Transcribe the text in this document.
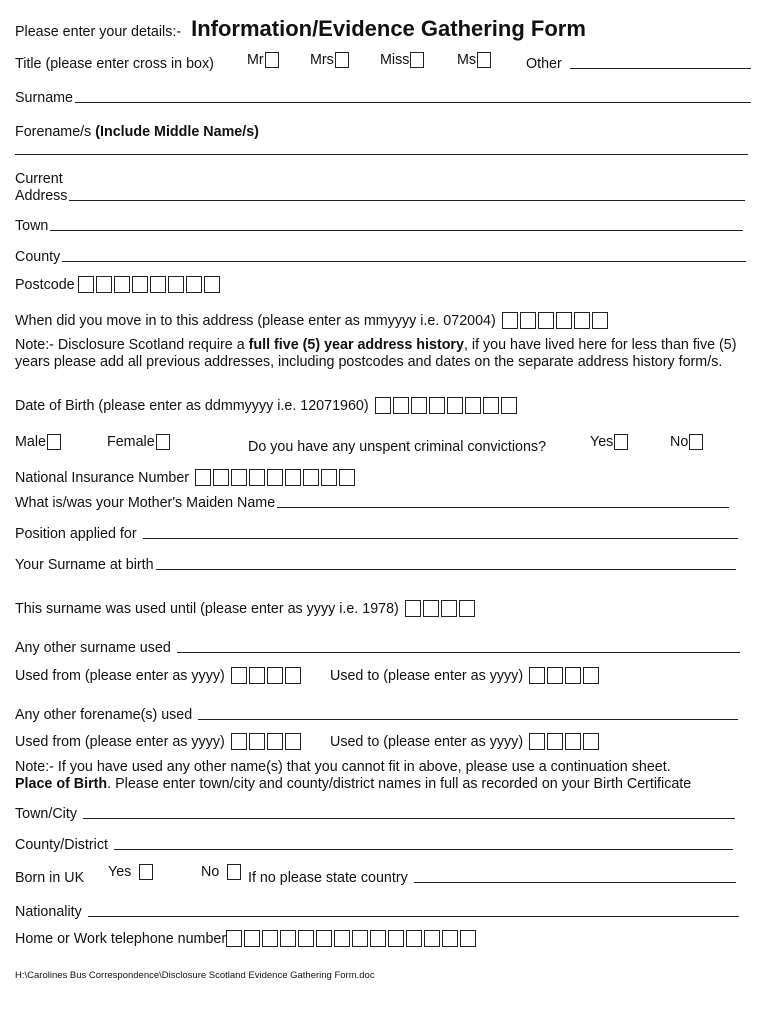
Please enter your details:- Information/Evidence Gathering Form
Title (please enter cross in box) Mr	Mrs	Miss	Ms	Other
Surname
Forename/s (Include Middle Name/s)
Current
Address
Town
County
Postcode
When did you move in to this address (please enter as mmyyyy i.e. 072004)
Note:- Disclosure Scotland require a full five (5) year address history, if you have lived here for less than five (5) years please add all previous addresses, including postcodes and dates on the separate address history form/s.
Date of Birth (please enter as ddmmyyyy i.e. 12071960)
Male	Female	Do you have any unspent criminal convictions?	Yes	No
National Insurance Number
What is/was your Mother's Maiden Name
Position applied for
Your Surname at birth
This surname was used until (please enter as yyyy i.e. 1978)
Any other surname used
Used from (please enter as yyyy)	Used to (please enter as yyyy)
Any other forename(s) used
Used from (please enter as yyyy)	Used to (please enter as yyyy)
Note:- If you have used any other name(s) that you cannot fit in above, please use a continuation sheet.
Place of Birth. Please enter town/city and county/district names in full as recorded on your Birth Certificate
Town/City
County/District
Born in UK Yes	No If no please state country
Nationality
Home or Work telephone number
H:\Carolines Bus Correspondence\Disclosure Scotland Evidence Gathering Form.doc
